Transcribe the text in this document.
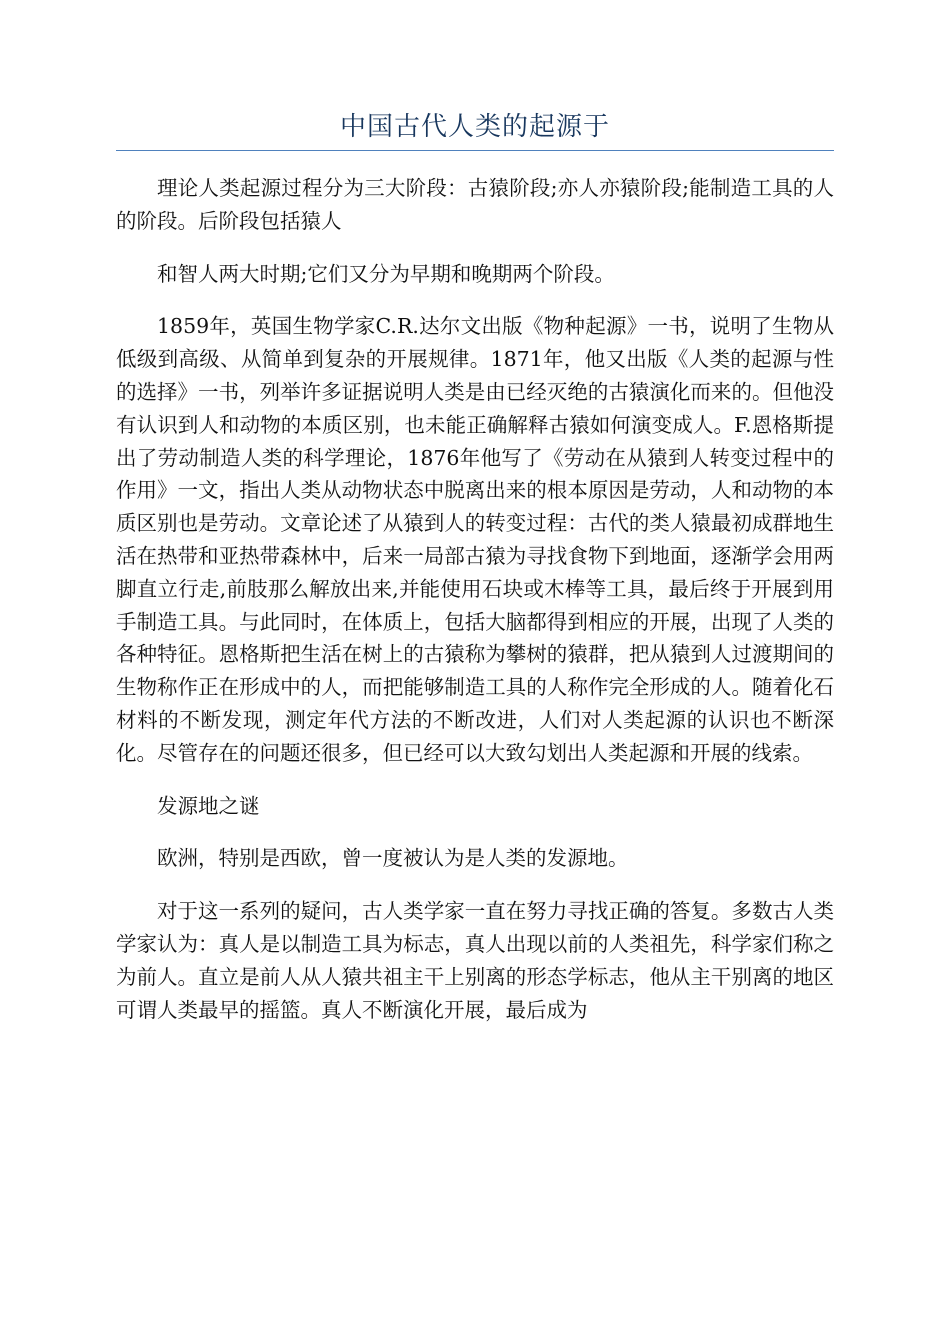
中国古代人类的起源于

理论人类起源过程分为三大阶段：古猿阶段;亦人亦猿阶段;能制造工具的人的阶段。后阶段包括猿人

和智人两大时期;它们又分为早期和晚期两个阶段。

1859年，英国生物学家C.R.达尔文出版《物种起源》一书，说明了生物从低级到高级、从简单到复杂的开展规律。1871年，他又出版《人类的起源与性的选择》一书，列举许多证据说明人类是由已经灭绝的古猿演化而来的。但他没有认识到人和动物的本质区别，也未能正确解释古猿如何演变成人。F.恩格斯提出了劳动制造人类的科学理论，1876年他写了《劳动在从猿到人转变过程中的作用》一文，指出人类从动物状态中脱离出来的根本原因是劳动，人和动物的本质区别也是劳动。文章论述了从猿到人的转变过程：古代的类人猿最初成群地生活在热带和亚热带森林中，后来一局部古猿为寻找食物下到地面，逐渐学会用两脚直立行走,前肢那么解放出来,并能使用石块或木棒等工具，最后终于开展到用手制造工具。与此同时，在体质上，包括大脑都得到相应的开展，出现了人类的各种特征。恩格斯把生活在树上的古猿称为攀树的猿群，把从猿到人过渡期间的生物称作正在形成中的人，而把能够制造工具的人称作完全形成的人。随着化石材料的不断发现，测定年代方法的不断改进，人们对人类起源的认识也不断深化。尽管存在的问题还很多，但已经可以大致勾划出人类起源和开展的线索。

发源地之谜

欧洲，特别是西欧，曾一度被认为是人类的发源地。

对于这一系列的疑问，古人类学家一直在努力寻找正确的答复。多数古人类学家认为：真人是以制造工具为标志，真人出现以前的人类祖先，科学家们称之为前人。直立是前人从人猿共祖主干上别离的形态学标志，他从主干别离的地区可谓人类最早的摇篮。真人不断演化开展，最后成为
